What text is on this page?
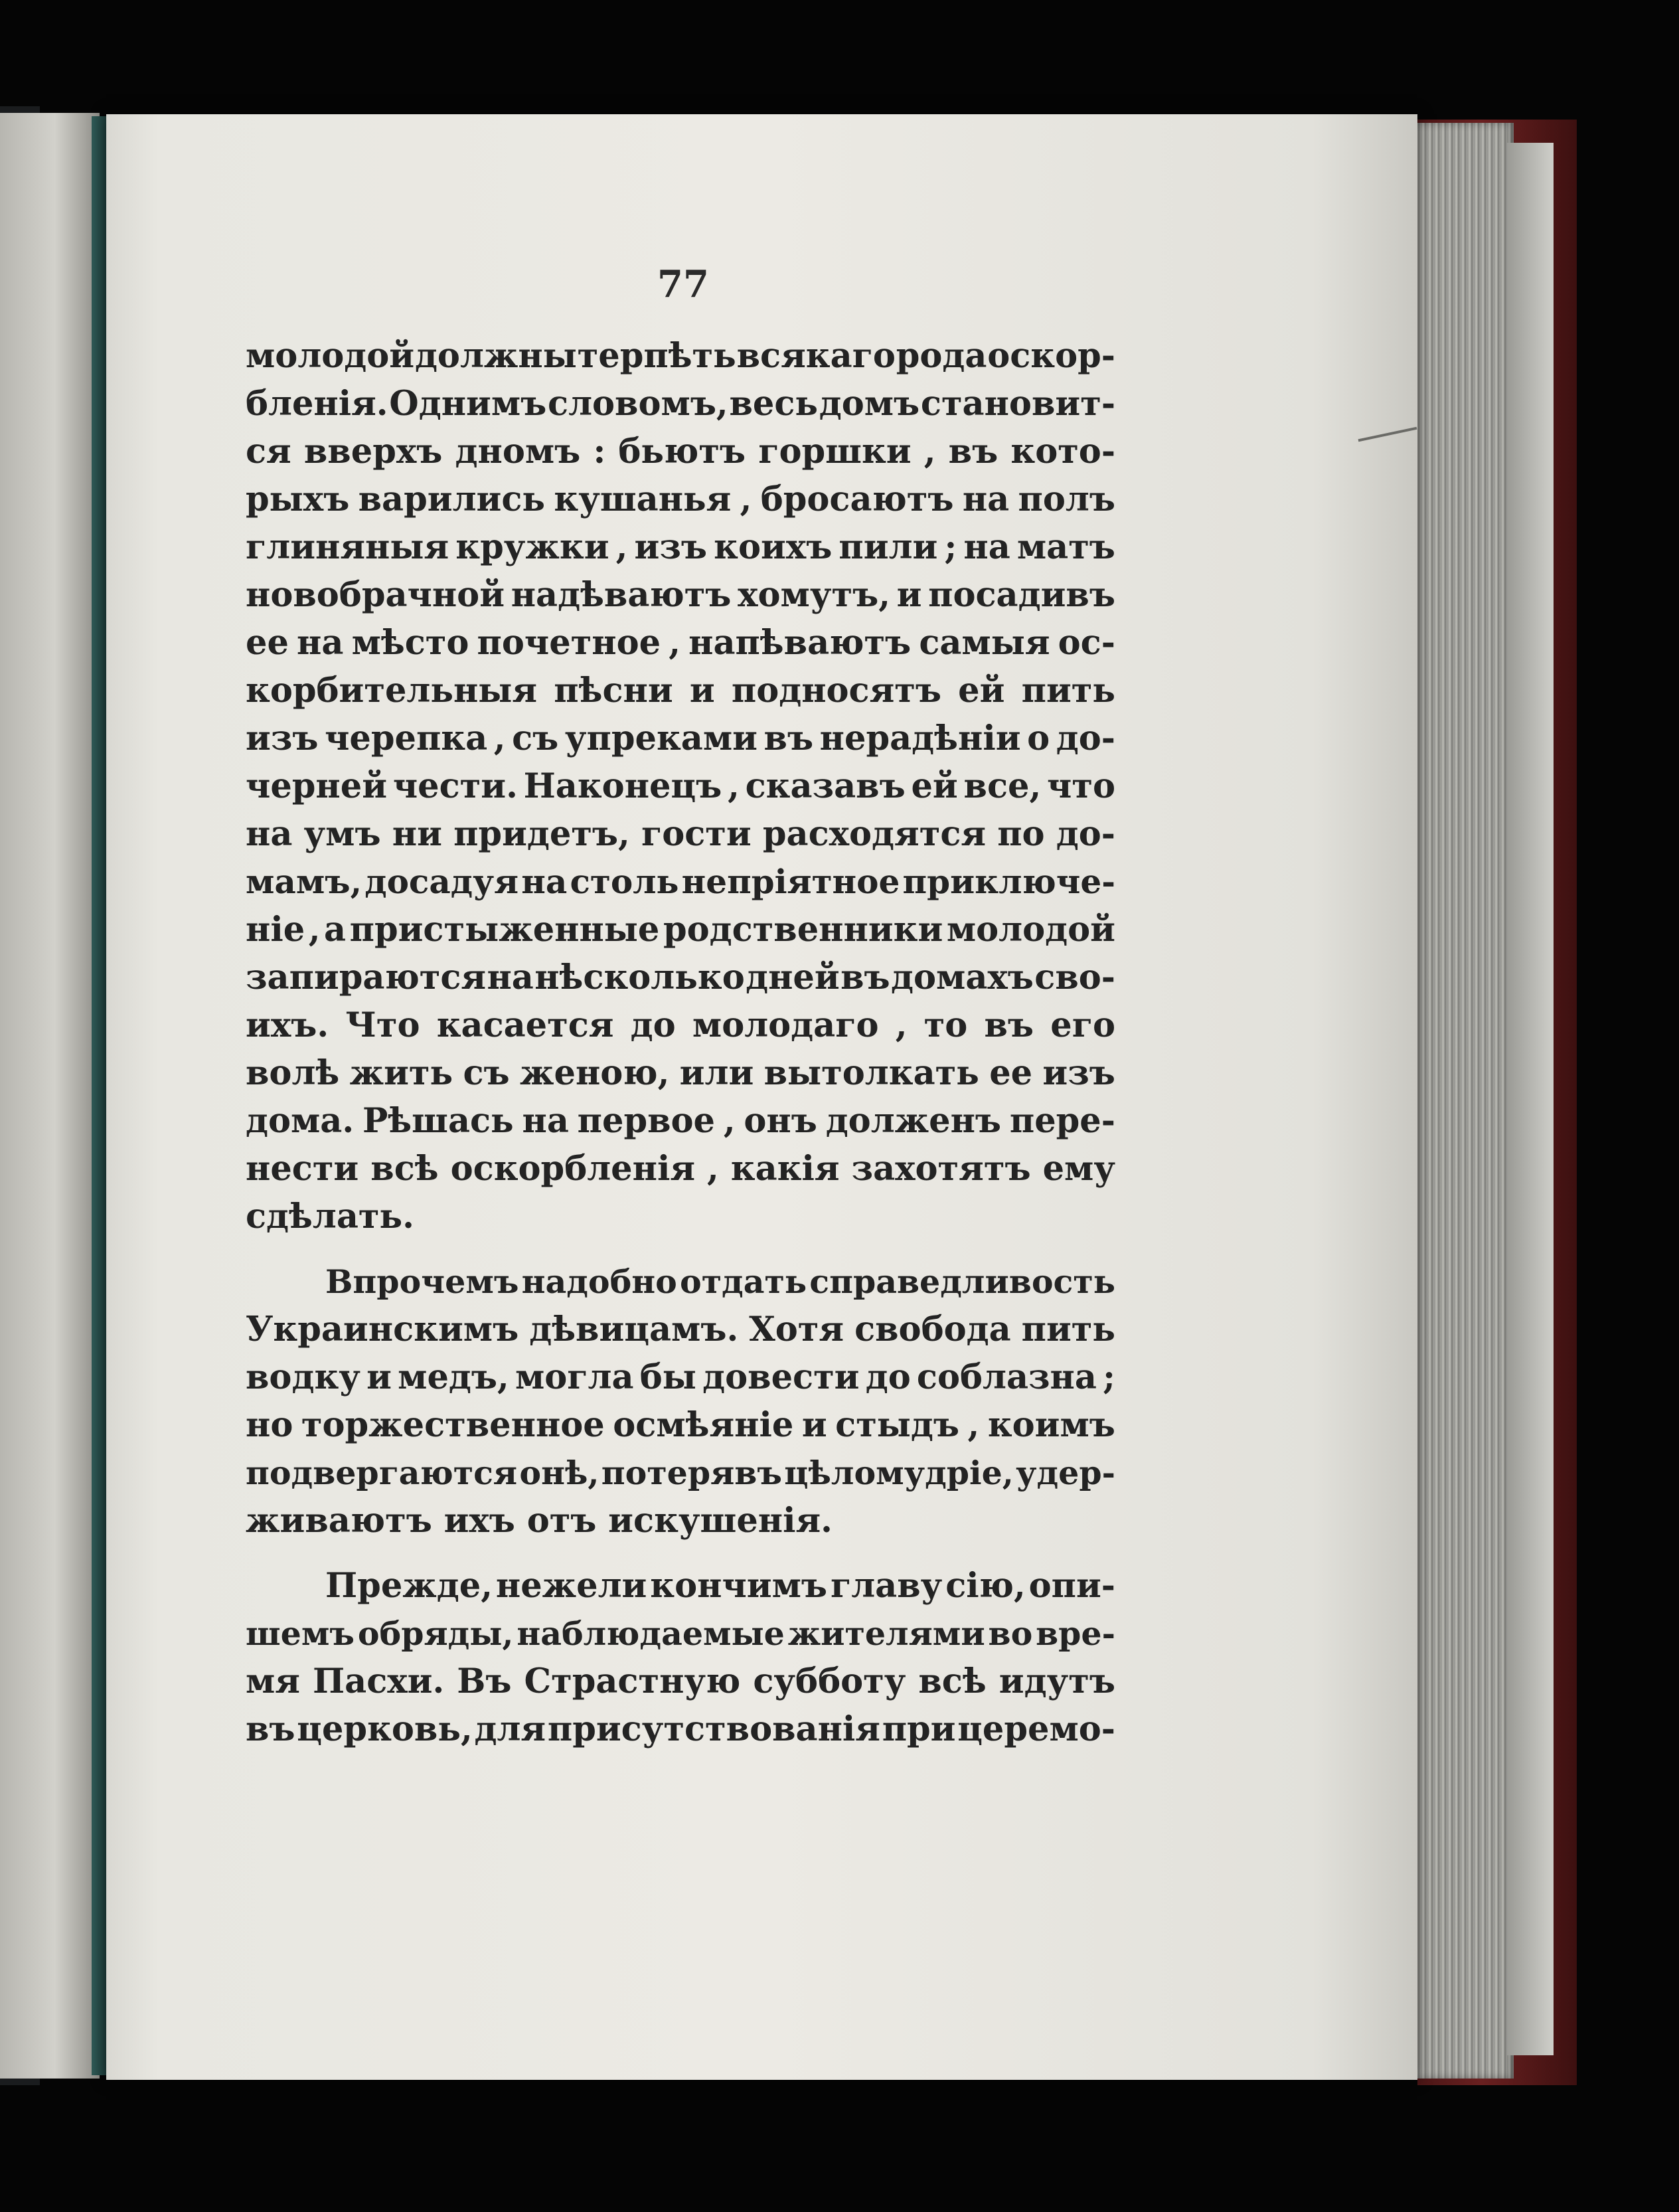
77
молодой должны терпѣть всякаго рода оскор-
бленія. Однимъ словомъ, весь домъ становит-
ся вверхъ дномъ : бьютъ горшки , въ кото-
рыхъ варились кушанья , бросаютъ на полъ
глиняныя кружки , изъ коихъ пили ; на матъ
новобрачной надѣваютъ хомутъ, и посадивъ
ее на мѣсто почетное , напѣваютъ самыя ос-
корбительныя пѣсни и подносятъ ей пить
изъ черепка , съ упреками въ нерадѣніи о до-
черней чести. Наконецъ , сказавъ ей все, что
на умъ ни придетъ, гости расходятся по до-
мамъ, досадуя на столь непріятное приключе-
ніе , а пристыженные родственники молодой
запираются на нѣсколько дней въ домахъ сво-
ихъ. Что касается до молодаго , то въ его
волѣ жить съ женою, или вытолкать ее изъ
дома. Рѣшась на первое , онъ долженъ пере-
нести всѣ оскорбленія , какія захотятъ ему
сдѣлать.
Впрочемъ надобно отдать справедливость
Украинскимъ дѣвицамъ. Хотя свобода пить
водку и медъ, могла бы довести до соблазна ;
но торжественное осмѣяніе и стыдъ , коимъ
подвергаются онѣ, потерявъ цѣломудріе, удер-
живаютъ ихъ отъ искушенія.
Прежде, нежели кончимъ главу сію, опи-
шемъ обряды, наблюдаемые жителями во вре-
мя Пасхи. Въ Страстную суббoту всѣ идутъ
въ церковь, для присутствованія при церемо-
